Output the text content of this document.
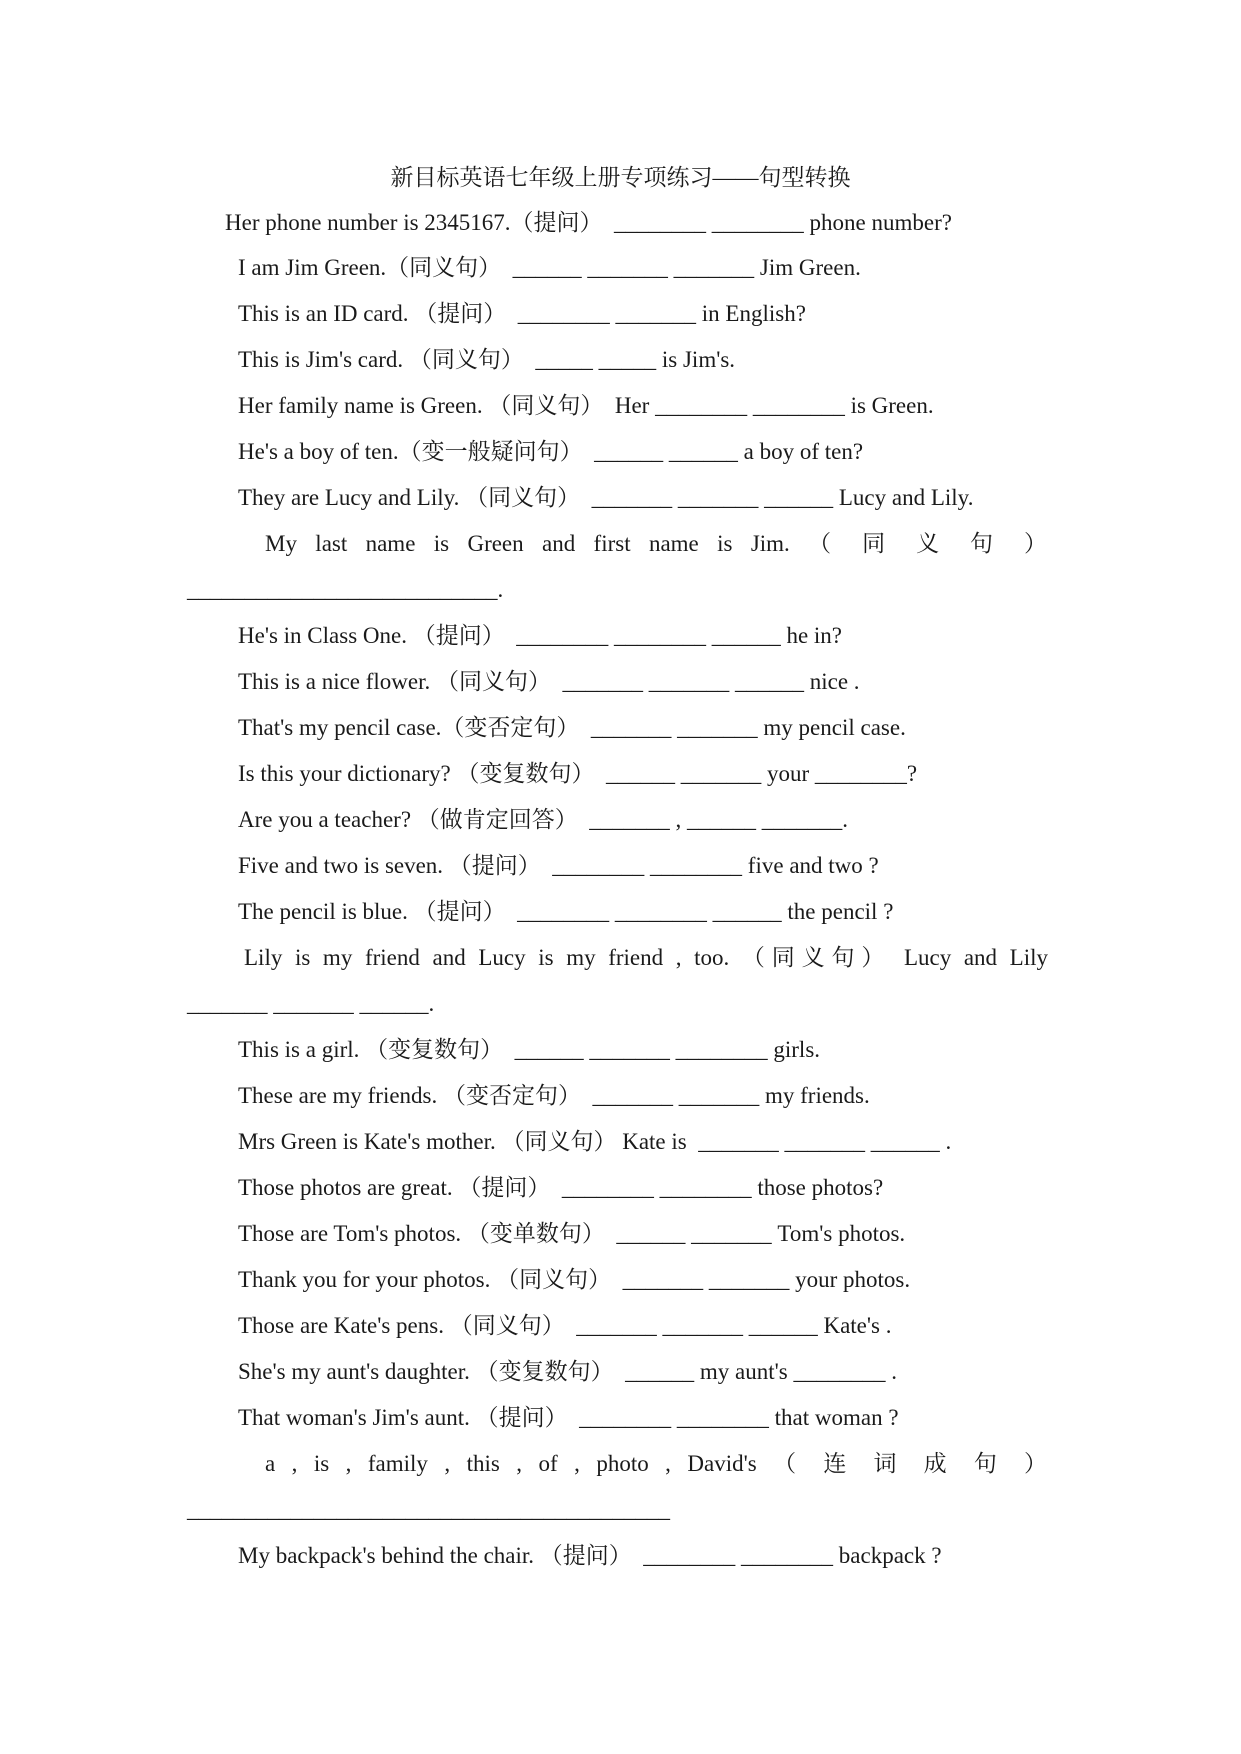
新目标英语七年级上册专项练习——句型转换
Her phone number is 2345167.（提问）  ________ ________ phone number?
I am Jim Green.（同义句）  ______ _______ _______ Jim Green.
This is an ID card. （提问）  ________ _______ in English?
This is Jim's card. （同义句）  _____ _____ is Jim's.
Her family name is Green. （同义句）  Her ________ ________ is Green.
He's a boy of ten.（变一般疑问句）  ______ ______ a boy of ten?
They are Lucy and Lily. （同义句）  _______ _______ ______ Lucy and Lily.
My last name is Green and first name is Jim. （ 同 义 句 ）
___________________________.
He's in Class One. （提问）  ________ ________ ______ he in?
This is a nice flower. （同义句）  _______ _______ ______ nice .
That's my pencil case.（变否定句）  _______ _______ my pencil case.
Is this your dictionary? （变复数句）  ______ _______ your ________?
Are you a teacher? （做肯定回答）  _______ , ______ _______.
Five and two is seven. （提问）  ________ ________ five and two ?
The pencil is blue. （提问）  ________ ________ ______ the pencil ?
Lily is my friend and Lucy is my friend , too. （同义句） Lucy and Lily
_______ _______ ______.
This is a girl. （变复数句）  ______ _______ ________ girls.
These are my friends. （变否定句）  _______ _______ my friends.
Mrs Green is Kate's mother. （同义句） Kate is  _______ _______ ______ .
Those photos are great. （提问）  ________ ________ those photos?
Those are Tom's photos. （变单数句）  ______ _______ Tom's photos.
Thank you for your photos. （同义句）  _______ _______ your photos.
Those are Kate's pens. （同义句）  _______ _______ ______ Kate's .
She's my aunt's daughter. （变复数句）  ______ my aunt's ________ .
That woman's Jim's aunt. （提问）  ________ ________ that woman ?
a , is , family , this , of , photo , David's （ 连 词 成 句 ）
__________________________________________
My backpack's behind the chair. （提问）  ________ ________ backpack ?
